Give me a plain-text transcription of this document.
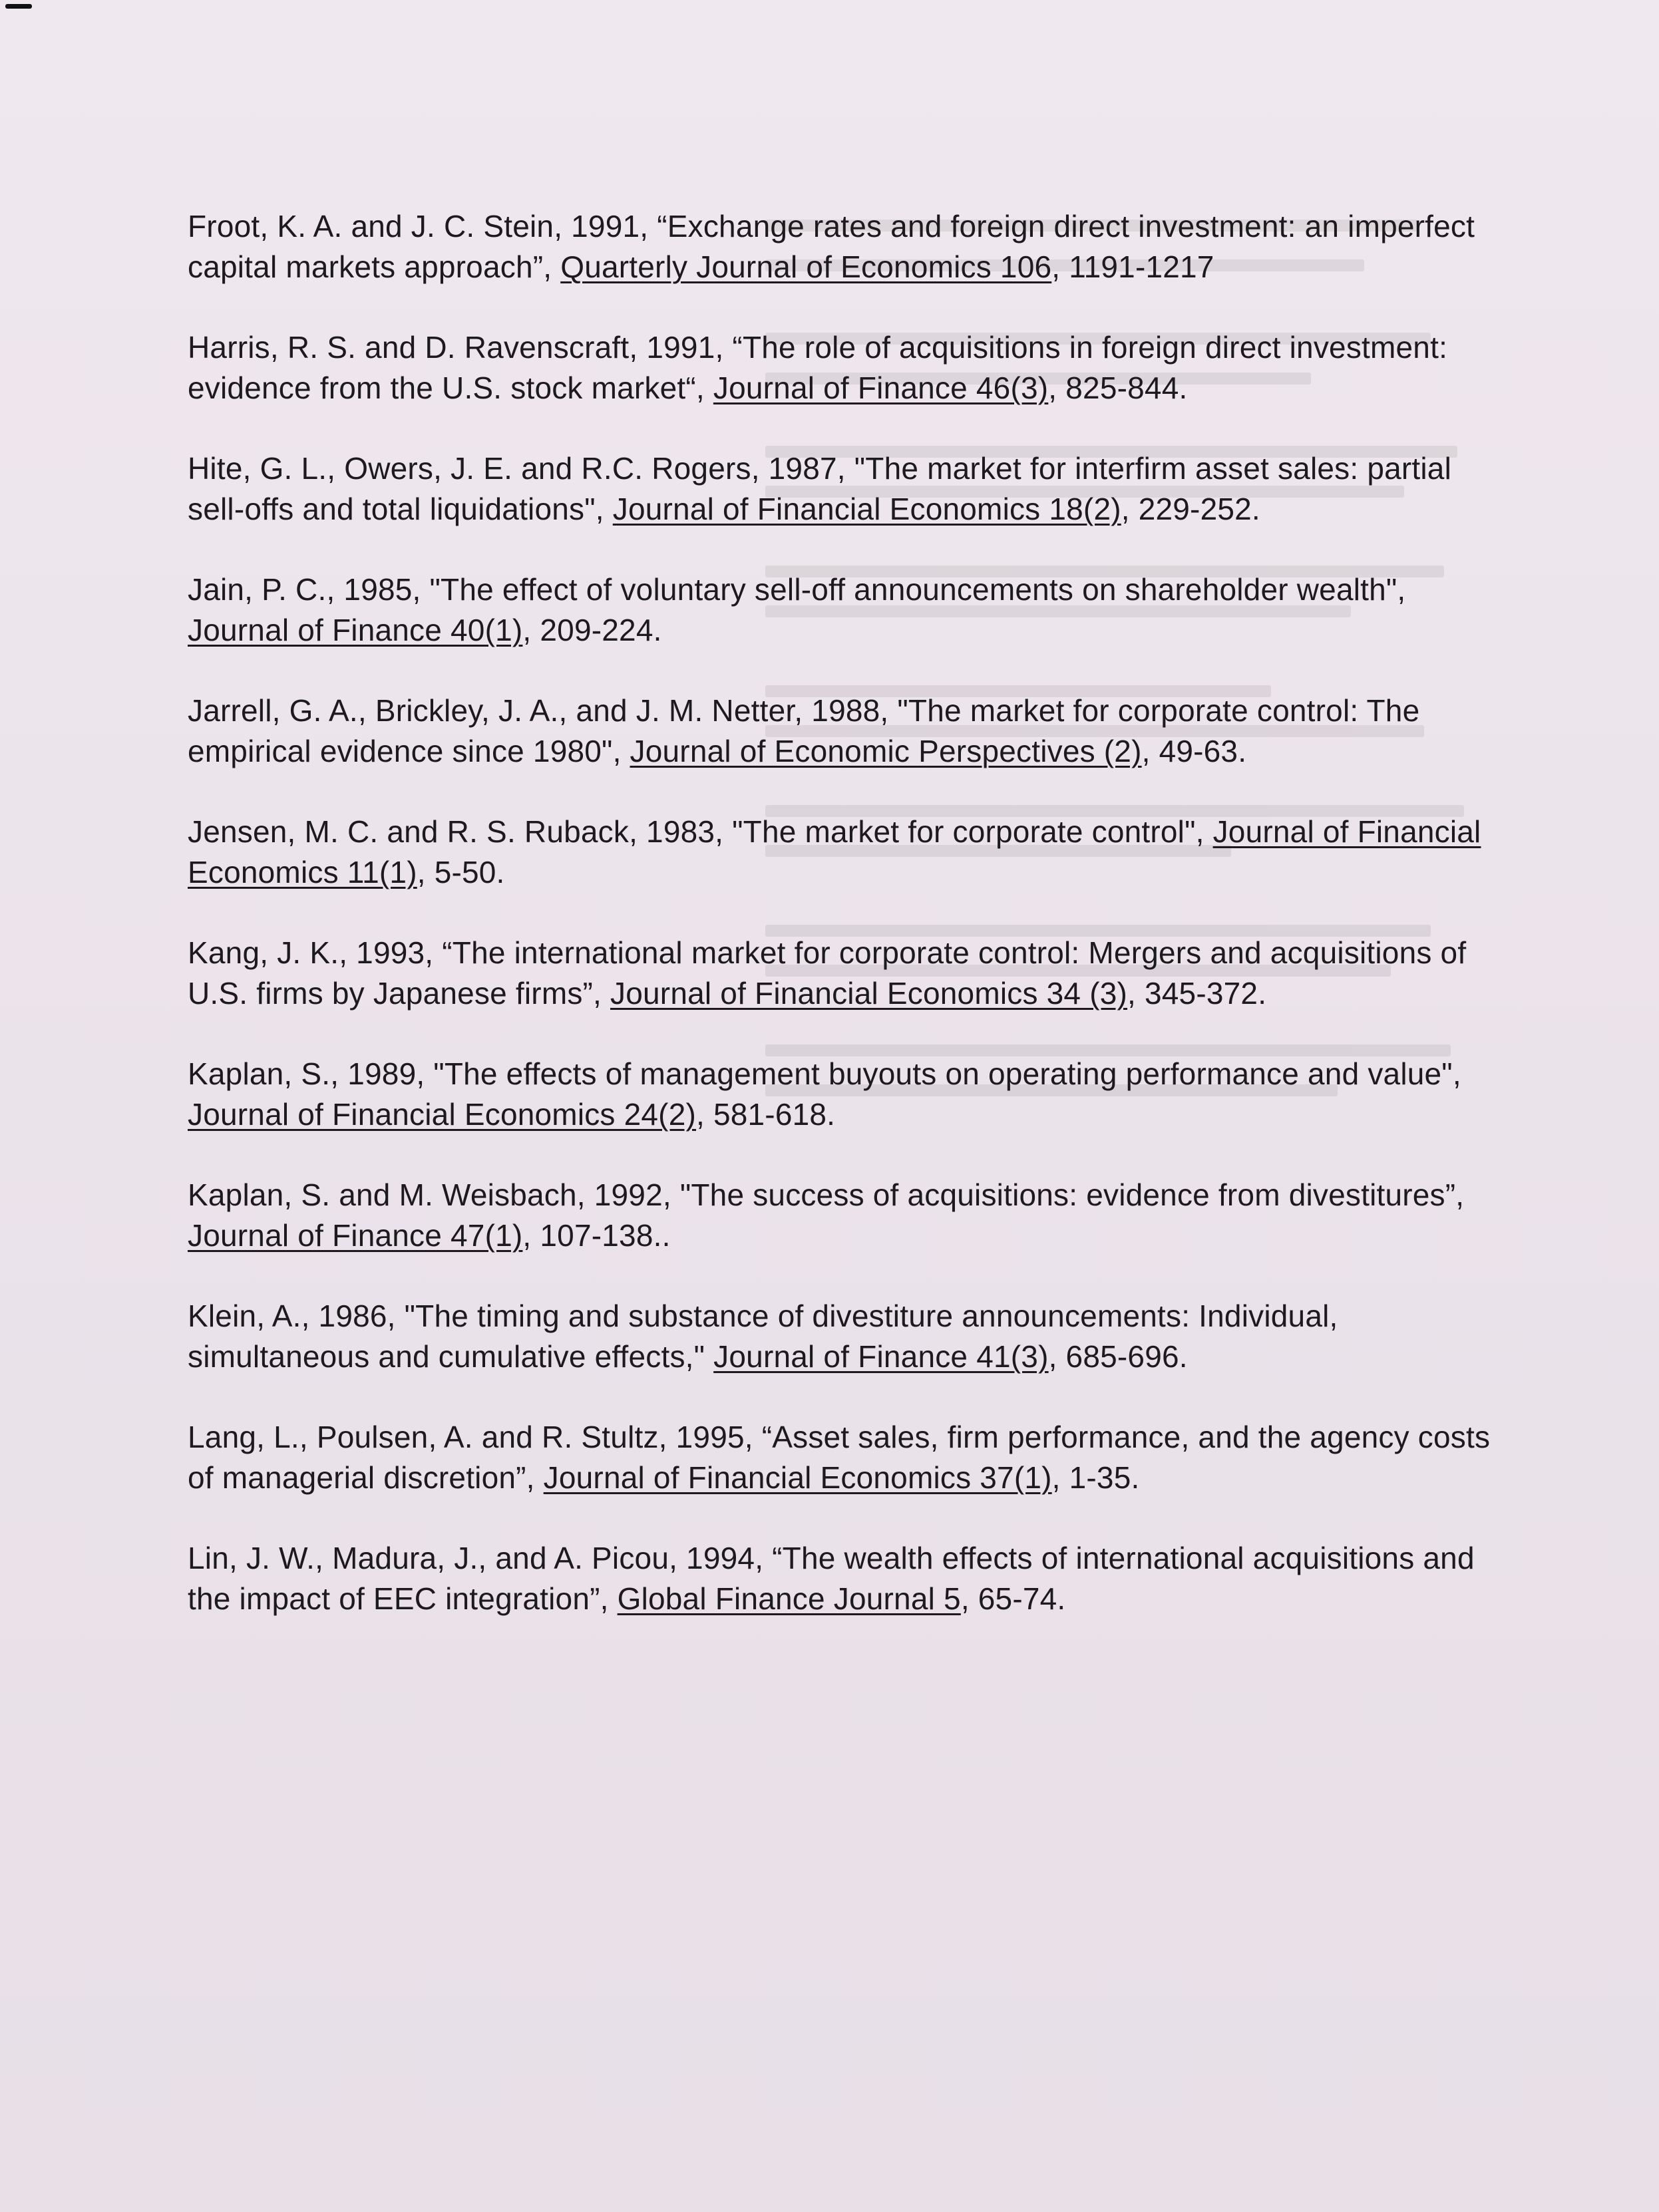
Froot, K. A. and J. C. Stein, 1991, “Exchange rates and foreign direct investment: an imperfect capital markets approach”, Quarterly Journal of Economics 106, 1191-1217

Harris, R. S. and D. Ravenscraft, 1991, “The role of acquisitions in foreign direct investment: evidence from the U.S. stock market“, Journal of Finance 46(3), 825-844.

Hite, G. L., Owers, J. E. and R.C. Rogers, 1987, "The market for interfirm asset sales: partial sell-offs and total liquidations", Journal of Financial Economics 18(2), 229-252.

Jain, P. C., 1985, "The effect of voluntary sell-off announcements on shareholder wealth", Journal of Finance 40(1), 209-224.

Jarrell, G. A., Brickley, J. A., and J. M. Netter, 1988, "The market for corporate control: The empirical evidence since 1980", Journal of Economic Perspectives (2), 49-63.

Jensen, M. C. and R. S. Ruback, 1983, "The market for corporate control", Journal of Financial Economics 11(1), 5-50.

Kang, J. K., 1993, “The international market for corporate control: Mergers and acquisitions of U.S. firms by Japanese firms”, Journal of Financial Economics 34 (3), 345-372.

Kaplan, S., 1989, "The effects of management buyouts on operating performance and value", Journal of Financial Economics 24(2), 581-618.

Kaplan, S. and M. Weisbach, 1992, "The success of acquisitions: evidence from divestitures”, Journal of Finance 47(1), 107-138..

Klein, A., 1986, "The timing and substance of divestiture announcements: Individual, simultaneous and cumulative effects," Journal of Finance 41(3), 685-696.

Lang, L., Poulsen, A. and R. Stultz, 1995, “Asset sales, firm performance, and the agency costs of managerial discretion”, Journal of Financial Economics 37(1), 1-35.

Lin, J. W., Madura, J., and A. Picou, 1994, “The wealth effects of international acquisitions and the impact of EEC integration”, Global Finance Journal 5, 65-74.
